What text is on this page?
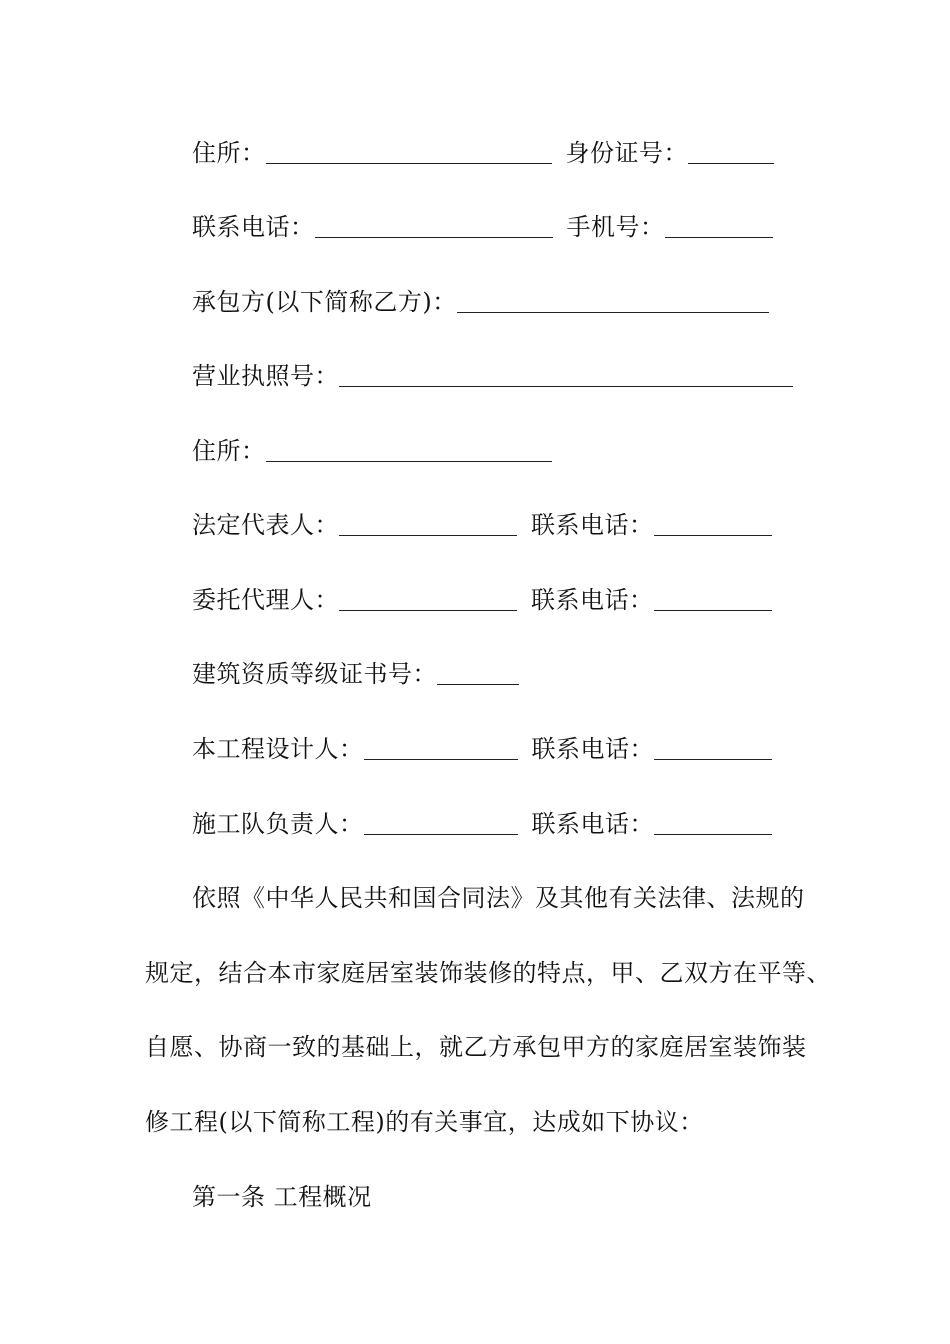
住所：	身份证号：
联系电话：	手机号：
承包方(以下简称乙方)：
营业执照号：
住所：
法定代表人：	联系电话：
委托代理人：	联系电话：
建筑资质等级证书号：
本工程设计人：	联系电话：
施工队负责人：	联系电话：
依照《中华人民共和国合同法》及其他有关法律、法规的
规定，结合本市家庭居室装饰装修的特点，甲、乙双方在平等、
自愿、协商一致的基础上，就乙方承包甲方的家庭居室装饰装
修工程(以下简称工程)的有关事宜，达成如下协议：
第一条 工程概况
